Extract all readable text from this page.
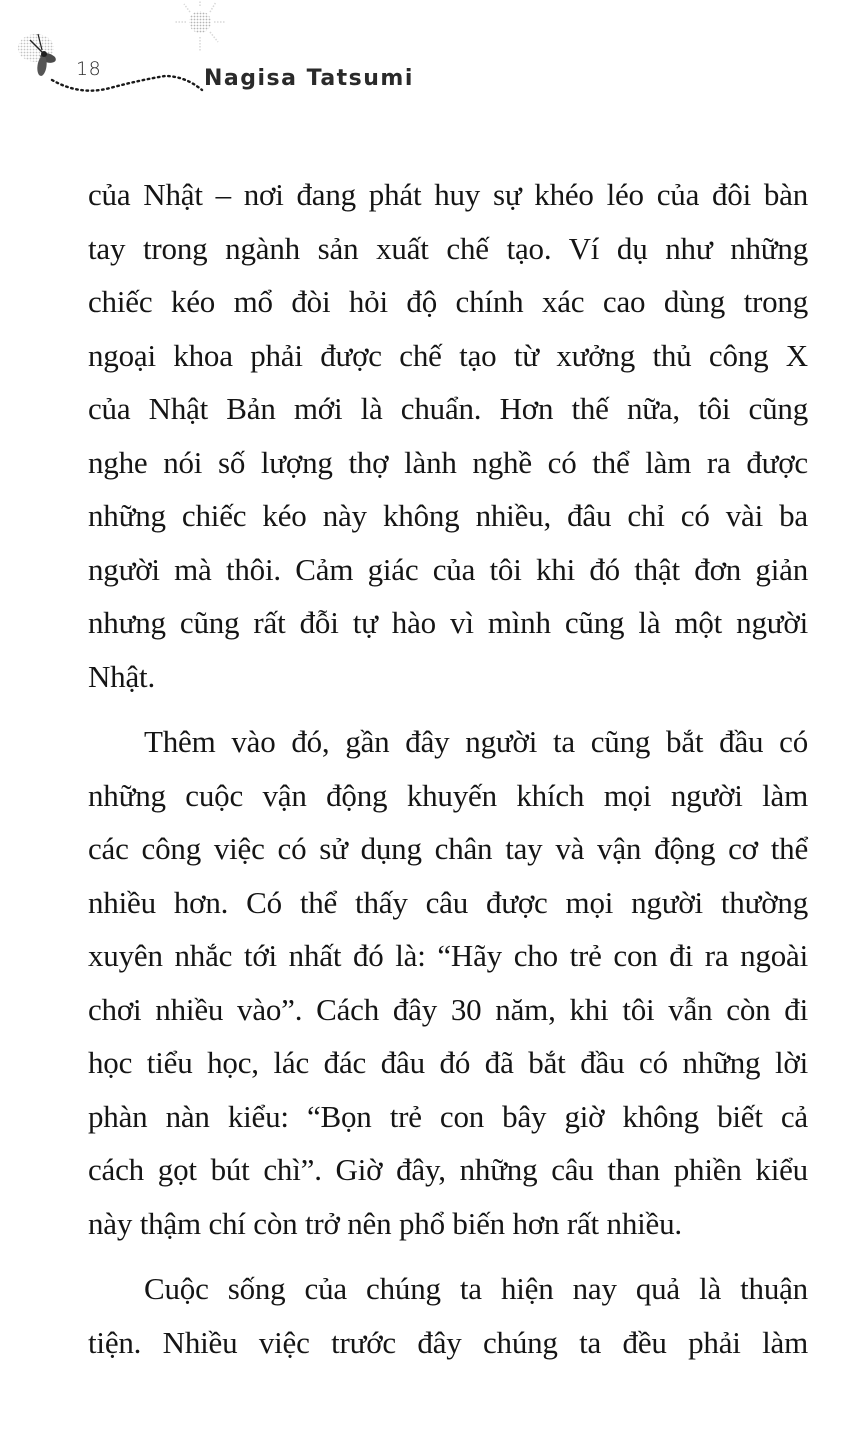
18	Nagisa Tatsumi
của Nhật – nơi đang phát huy sự khéo léo của đôi bàn
tay trong ngành sản xuất chế tạo. Ví dụ như những
chiếc kéo mổ đòi hỏi độ chính xác cao dùng trong
ngoại khoa phải được chế tạo từ xưởng thủ công X
của Nhật Bản mới là chuẩn. Hơn thế nữa, tôi cũng
nghe nói số lượng thợ lành nghề có thể làm ra được
những chiếc kéo này không nhiều, đâu chỉ có vài ba
người mà thôi. Cảm giác của tôi khi đó thật đơn giản
nhưng cũng rất đỗi tự hào vì mình cũng là một người
Nhật.
Thêm vào đó, gần đây người ta cũng bắt đầu có
những cuộc vận động khuyến khích mọi người làm
các công việc có sử dụng chân tay và vận động cơ thể
nhiều hơn. Có thể thấy câu được mọi người thường
xuyên nhắc tới nhất đó là: “Hãy cho trẻ con đi ra ngoài
chơi nhiều vào”. Cách đây 30 năm, khi tôi vẫn còn đi
học tiểu học, lác đác đâu đó đã bắt đầu có những lời
phàn nàn kiểu: “Bọn trẻ con bây giờ không biết cả
cách gọt bút chì”. Giờ đây, những câu than phiền kiểu
này thậm chí còn trở nên phổ biến hơn rất nhiều.
Cuộc sống của chúng ta hiện nay quả là thuận
tiện. Nhiều việc trước đây chúng ta đều phải làm
